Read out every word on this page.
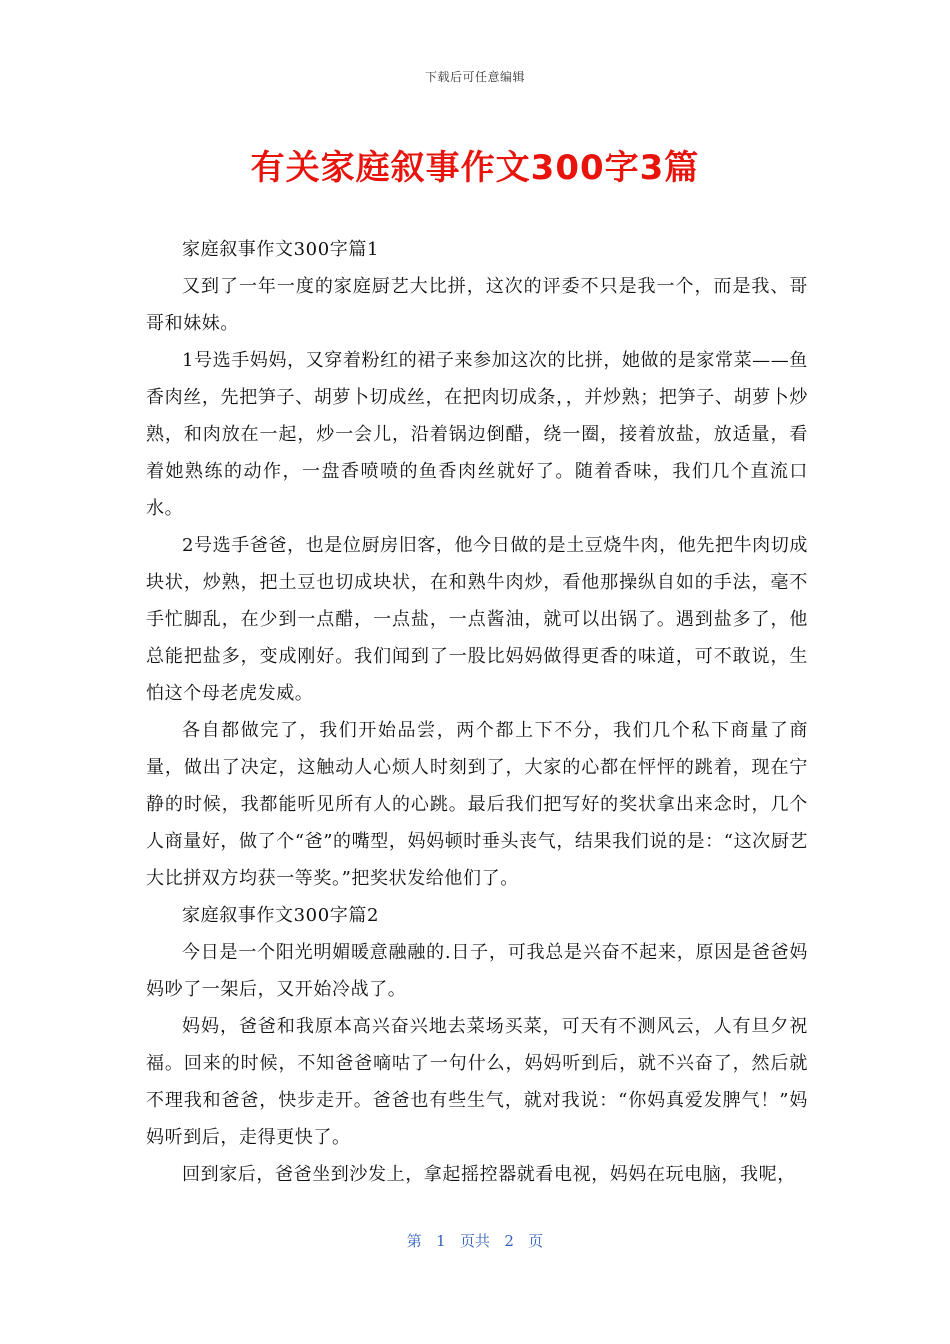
下载后可任意编辑
有关家庭叙事作文300字3篇

家庭叙事作文300字篇1

又到了一年一度的家庭厨艺大比拼，这次的评委不只是我一个，而是我、哥哥和妹妹。

1号选手妈妈，又穿着粉红的裙子来参加这次的比拼，她做的是家常菜——鱼香肉丝，先把笋子、胡萝卜切成丝，在把肉切成条，，并炒熟；把笋子、胡萝卜炒熟，和肉放在一起，炒一会儿，沿着锅边倒醋，绕一圈，接着放盐，放适量，看着她熟练的动作，一盘香喷喷的鱼香肉丝就好了。随着香味，我们几个直流口水。

2号选手爸爸，也是位厨房旧客，他今日做的是土豆烧牛肉，他先把牛肉切成块状，炒熟，把土豆也切成块状，在和熟牛肉炒，看他那操纵自如的手法，毫不手忙脚乱，在少到一点醋，一点盐，一点酱油，就可以出锅了。遇到盐多了，他总能把盐多，变成刚好。我们闻到了一股比妈妈做得更香的味道，可不敢说，生怕这个母老虎发威。

各自都做完了，我们开始品尝，两个都上下不分，我们几个私下商量了商量，做出了决定，这触动人心烦人时刻到了，大家的心都在怦怦的跳着，现在宁静的时候，我都能听见所有人的心跳。最后我们把写好的奖状拿出来念时，几个人商量好，做了个“爸”的嘴型，妈妈顿时垂头丧气，结果我们说的是：“这次厨艺大比拼双方均获一等奖。”把奖状发给他们了。

家庭叙事作文300字篇2

今日是一个阳光明媚暖意融融的.日子，可我总是兴奋不起来，原因是爸爸妈妈吵了一架后，又开始冷战了。

妈妈，爸爸和我原本高兴奋兴地去菜场买菜，可天有不测风云，人有旦夕祝福。回来的时候，不知爸爸嘀咕了一句什么，妈妈听到后，就不兴奋了，然后就不理我和爸爸，快步走开。爸爸也有些生气，就对我说：“你妈真爱发脾气！”妈妈听到后，走得更快了。

回到家后，爸爸坐到沙发上，拿起摇控器就看电视，妈妈在玩电脑，我呢，

第 1 页共 2 页
